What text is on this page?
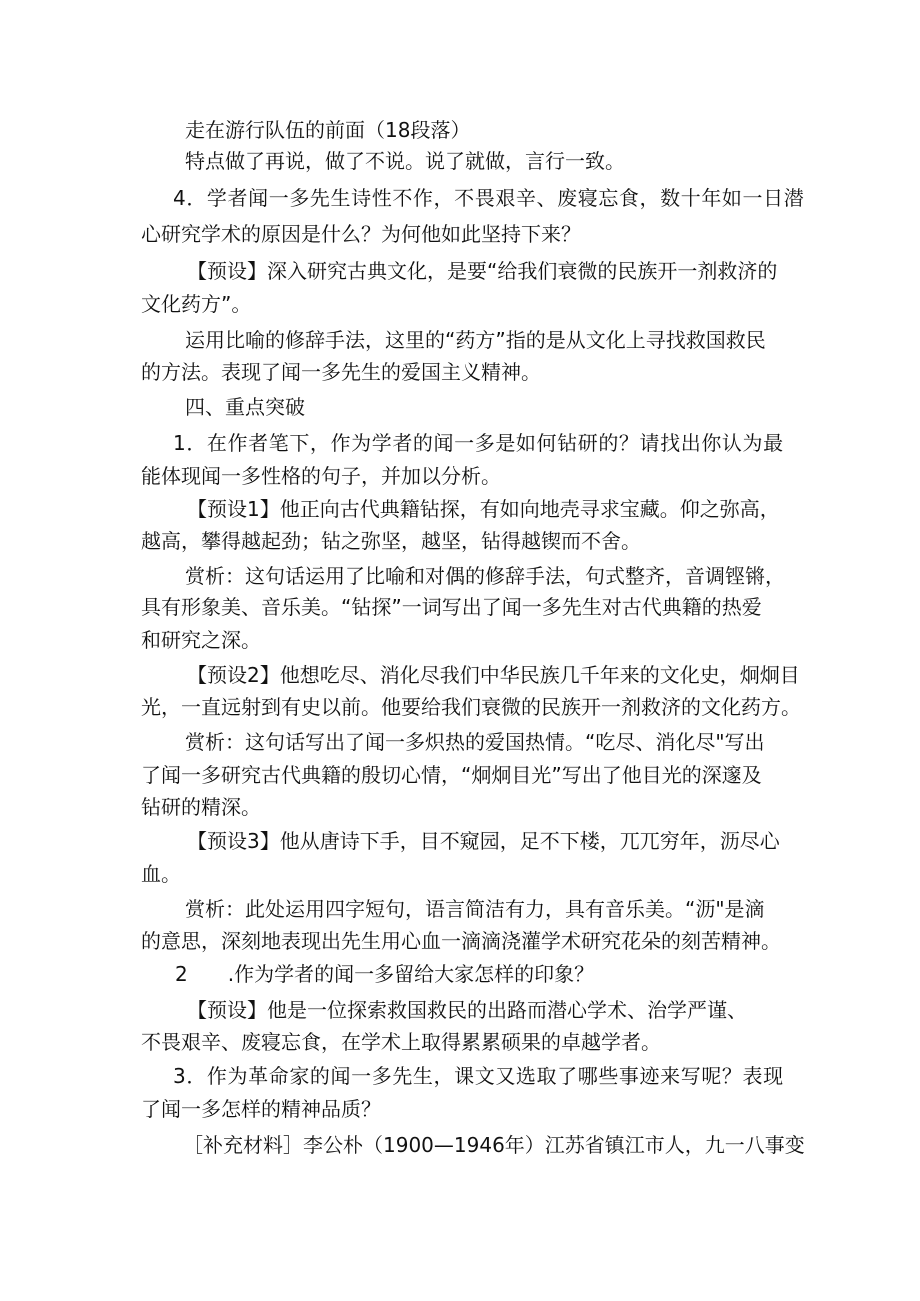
走在游行队伍的前面（18段落）
特点做了再说，做了不说。说了就做，言行一致。
4．学者闻一多先生诗性不作，不畏艰辛、废寝忘食，数十年如一日潜
心研究学术的原因是什么？为何他如此坚持下来？
【预设】深入研究古典文化，是要“给我们衰微的民族开一剂救济的
文化药方”。
运用比喻的修辞手法，这里的“药方”指的是从文化上寻找救国救民
的方法。表现了闻一多先生的爱国主义精神。
四、重点突破
1．在作者笔下，作为学者的闻一多是如何钻研的？请找出你认为最
能体现闻一多性格的句子，并加以分析。
【预设1】他正向古代典籍钻探，有如向地壳寻求宝藏。仰之弥高，
越高，攀得越起劲；钻之弥坚，越坚，钻得越锲而不舍。
赏析：这句话运用了比喻和对偶的修辞手法，句式整齐，音调铿锵，
具有形象美、音乐美。“钻探”一词写出了闻一多先生对古代典籍的热爱
和研究之深。
【预设2】他想吃尽、消化尽我们中华民族几千年来的文化史，炯炯目
光，一直远射到有史以前。他要给我们衰微的民族开一剂救济的文化药方。
赏析：这句话写出了闻一多炽热的爱国热情。“吃尽、消化尽"写出
了闻一多研究古代典籍的殷切心情，“炯炯目光”写出了他目光的深邃及
钻研的精深。
【预设3】他从唐诗下手，目不窥园，足不下楼，兀兀穷年，沥尽心
血。
赏析：此处运用四字短句，语言简洁有力，具有音乐美。“沥"是滴
的意思，深刻地表现出先生用心血一滴滴浇灌学术研究花朵的刻苦精神。
2　　.作为学者的闻一多留给大家怎样的印象？
【预设】他是一位探索救国救民的出路而潜心学术、治学严谨、
不畏艰辛、废寝忘食，在学术上取得累累硕果的卓越学者。
3．作为革命家的闻一多先生，课文又选取了哪些事迹来写呢？表现
了闻一多怎样的精神品质？
［补充材料］李公朴（1900—1946年）江苏省镇江市人，九一八事变
